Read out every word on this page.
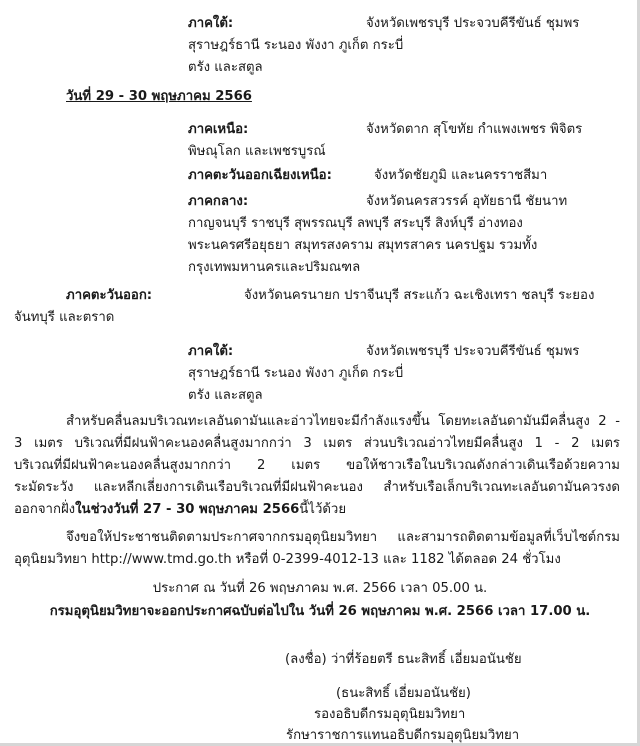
ภาคใต้:	จังหวัดเพชรบุรี ประจวบคีรีขันธ์ ชุมพร
สุราษฎร์ธานี ระนอง พังงา ภูเก็ต กระบี่
ตรัง และสตูล
วันที่ 29 - 30 พฤษภาคม 2566
ภาคเหนือ:	จังหวัดตาก สุโขทัย กำแพงเพชร พิจิตร
พิษณุโลก และเพชรบูรณ์
ภาคตะวันออกเฉียงเหนือ:	จังหวัดชัยภูมิ และนครราชสีมา
ภาคกลาง:	จังหวัดนครสวรรค์ อุทัยธานี ชัยนาท
กาญจนบุรี ราชบุรี สุพรรณบุรี ลพบุรี สระบุรี สิงห์บุรี อ่างทอง
พระนครศรีอยุธยา สมุทรสงคราม สมุทรสาคร นครปฐม รวมทั้ง
กรุงเทพมหานครและปริมณฑล
ภาคตะวันออก:	จังหวัดนครนายก ปราจีนบุรี สระแก้ว ฉะเชิงเทรา ชลบุรี ระยอง
จันทบุรี และตราด
ภาคใต้:	จังหวัดเพชรบุรี ประจวบคีรีขันธ์ ชุมพร
สุราษฎร์ธานี ระนอง พังงา ภูเก็ต กระบี่
ตรัง และสตูล
สำหรับคลื่นลมบริเวณทะเลอันดามันและอ่าวไทยจะมีกำลังแรงขึ้น โดยทะเลอันดามันมีคลื่นสูง 2 -
3 เมตร บริเวณที่มีฝนฟ้าคะนองคลื่นสูงมากกว่า 3 เมตร ส่วนบริเวณอ่าวไทยมีคลื่นสูง 1 - 2 เมตร
บริเวณที่มีฝนฟ้าคะนองคลื่นสูงมากกว่า 2 เมตร ขอให้ชาวเรือในบริเวณดังกล่าวเดินเรือด้วยความ
ระมัดระวัง และหลีกเลี่ยงการเดินเรือบริเวณที่มีฝนฟ้าคะนอง สำหรับเรือเล็กบริเวณทะเลอันดามันควรงด
ออกจากฝั่งในช่วงวันที่ 27 - 30 พฤษภาคม 2566นี้ไว้ด้วย
จึงขอให้ประชาชนติดตามประกาศจากกรมอุตุนิยมวิทยา และสามารถติดตามข้อมูลที่เว็บไซต์กรม
อุตุนิยมวิทยา http://www.tmd.go.th หรือที่ 0-2399-4012-13 และ 1182 ได้ตลอด 24 ชั่วโมง
ประกาศ ณ วันที่ 26 พฤษภาคม พ.ศ. 2566 เวลา 05.00 น.
กรมอุตุนิยมวิทยาจะออกประกาศฉบับต่อไปใน วันที่ 26 พฤษภาคม พ.ศ. 2566 เวลา 17.00 น.
(ลงชื่อ) ว่าที่ร้อยตรี ธนะสิทธิ์ เอี่ยมอนันชัย
(ธนะสิทธิ์ เอี่ยมอนันชัย)
รองอธิบดีกรมอุตุนิยมวิทยา
รักษาราชการแทนอธิบดีกรมอุตุนิยมวิทยา
